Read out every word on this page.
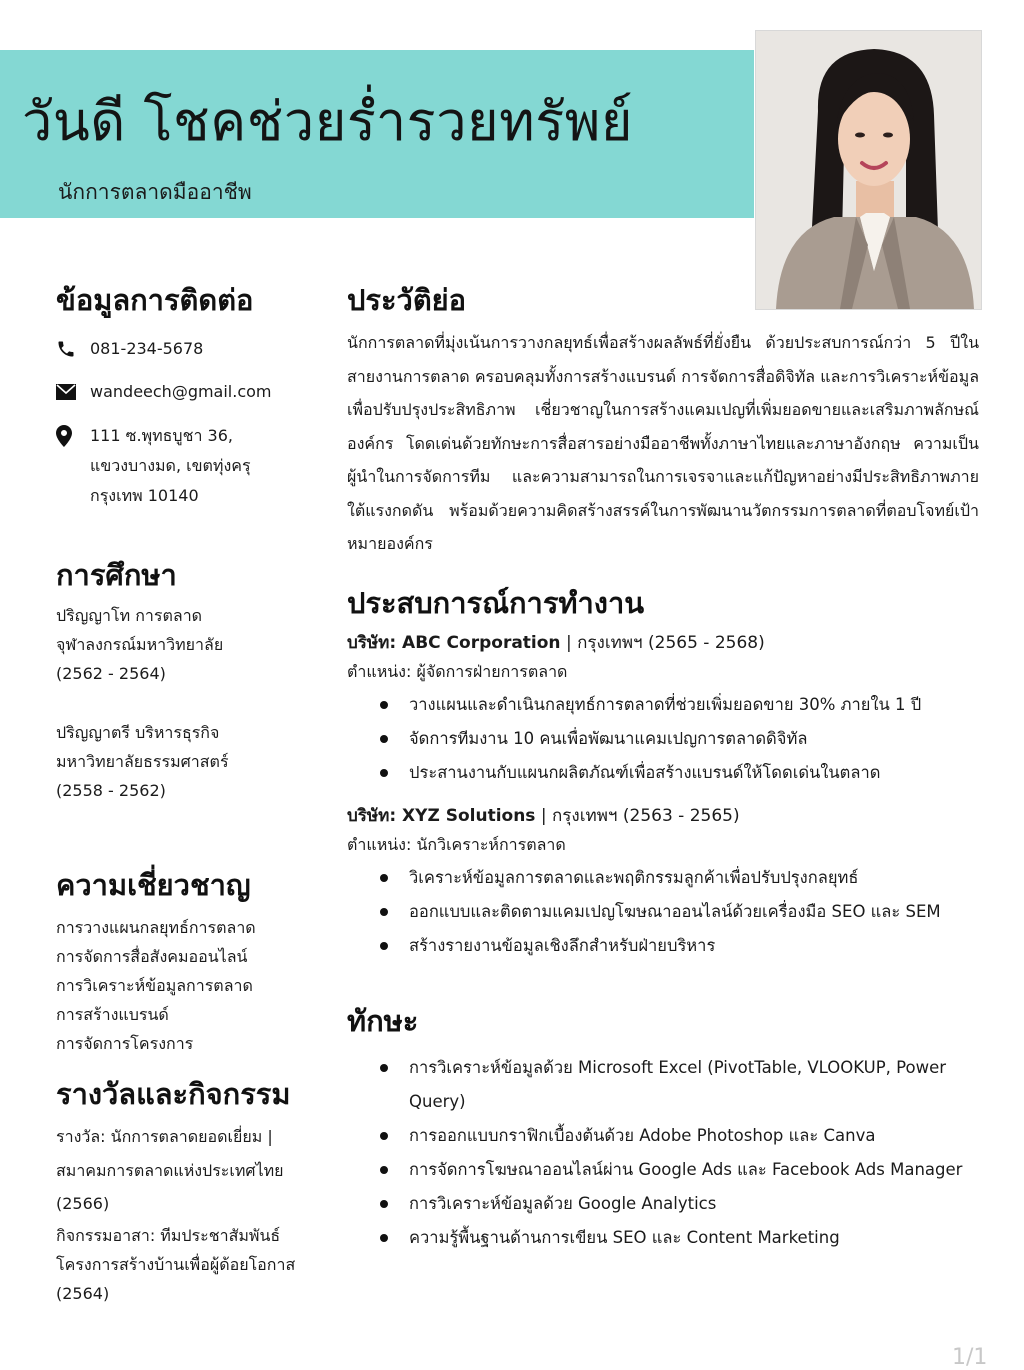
วันดี โชคช่วยร่ำรวยทรัพย์
นักการตลาดมืออาชีพ
ข้อมูลการติดต่อ
081-234-5678
wandeech@gmail.com
111 ซ.พุทธบูชา 36,
แขวงบางมด, เขตทุ่งครุ
กรุงเทพ 10140
การศึกษา
ปริญญาโท การตลาด
จุฬาลงกรณ์มหาวิทยาลัย
(2562 - 2564)
ปริญญาตรี บริหารธุรกิจ
มหาวิทยาลัยธรรมศาสตร์
(2558 - 2562)
ความเชี่ยวชาญ
การวางแผนกลยุทธ์การตลาด
การจัดการสื่อสังคมออนไลน์
การวิเคราะห์ข้อมูลการตลาด
การสร้างแบรนด์
การจัดการโครงการ
รางวัลและกิจกรรม
รางวัล: นักการตลาดยอดเยี่ยม |
สมาคมการตลาดแห่งประเทศไทย
(2566)
กิจกรรมอาสา: ทีมประชาสัมพันธ์
โครงการสร้างบ้านเพื่อผู้ด้อยโอกาส
(2564)
ประวัติย่อ

นักการตลาดที่มุ่งเน้นการวางกลยุทธ์เพื่อสร้างผลลัพธ์ที่ยั่งยืน ด้วยประสบการณ์กว่า 5 ปีในสายงานการตลาด ครอบคลุมทั้งการสร้างแบรนด์ การจัดการสื่อดิจิทัล และการวิเคราะห์ข้อมูลเพื่อปรับปรุงประสิทธิภาพ เชี่ยวชาญในการสร้างแคมเปญที่เพิ่มยอดขายและเสริมภาพลักษณ์องค์กร โดดเด่นด้วยทักษะการสื่อสารอย่างมืออาชีพทั้งภาษาไทยและภาษาอังกฤษ ความเป็นผู้นำในการจัดการทีม และความสามารถในการเจรจาและแก้ปัญหาอย่างมีประสิทธิภาพภายใต้แรงกดดัน พร้อมด้วยความคิดสร้างสรรค์ในการพัฒนานวัตกรรมการตลาดที่ตอบโจทย์เป้าหมายองค์กร

ประสบการณ์การทำงาน
บริษัท: ABC Corporation | กรุงเทพฯ (2565 - 2568)
ตำแหน่ง: ผู้จัดการฝ่ายการตลาด
วางแผนและดำเนินกลยุทธ์การตลาดที่ช่วยเพิ่มยอดขาย 30% ภายใน 1 ปี
จัดการทีมงาน 10 คนเพื่อพัฒนาแคมเปญการตลาดดิจิทัล
ประสานงานกับแผนกผลิตภัณฑ์เพื่อสร้างแบรนด์ให้โดดเด่นในตลาด
บริษัท: XYZ Solutions | กรุงเทพฯ (2563 - 2565)
ตำแหน่ง: นักวิเคราะห์การตลาด
วิเคราะห์ข้อมูลการตลาดและพฤติกรรมลูกค้าเพื่อปรับปรุงกลยุทธ์
ออกแบบและติดตามแคมเปญโฆษณาออนไลน์ด้วยเครื่องมือ SEO และ SEM
สร้างรายงานข้อมูลเชิงลึกสำหรับฝ่ายบริหาร
ทักษะ
การวิเคราะห์ข้อมูลด้วย Microsoft Excel (PivotTable, VLOOKUP, Power Query)
การออกแบบกราฟิกเบื้องต้นด้วย Adobe Photoshop และ Canva
การจัดการโฆษณาออนไลน์ผ่าน Google Ads และ Facebook Ads Manager
การวิเคราะห์ข้อมูลด้วย Google Analytics
ความรู้พื้นฐานด้านการเขียน SEO และ Content Marketing
1/1
